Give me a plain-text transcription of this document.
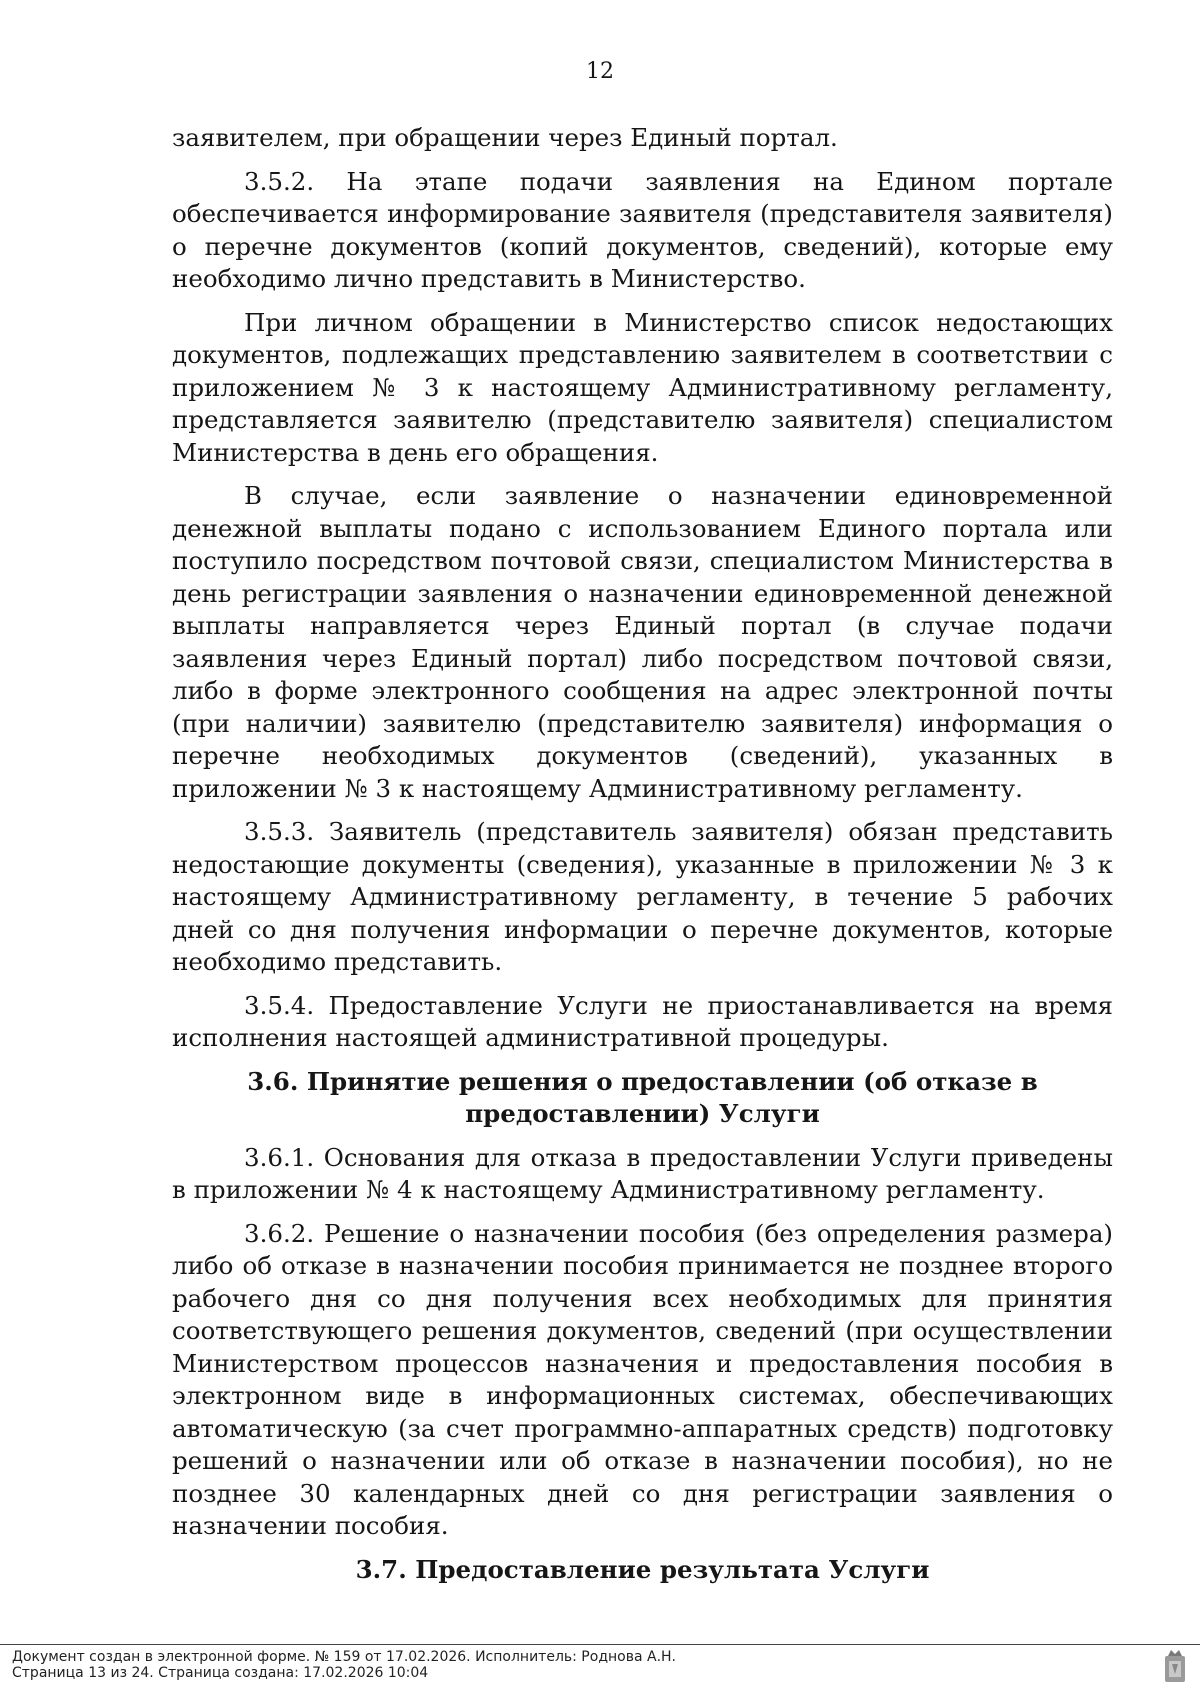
12

заявителем, при обращении через Единый портал.

3.5.2. На этапе подачи заявления на Едином портале обеспечивается информирование заявителя (представителя заявителя) о перечне документов (копий документов, сведений), которые ему необходимо лично представить в Министерство.

При личном обращении в Министерство список недостающих документов, подлежащих представлению заявителем в соответствии с приложением № 3 к настоящему Административному регламенту, представляется заявителю (представителю заявителя) специалистом Министерства в день его обращения.

В случае, если заявление о назначении единовременной денежной выплаты подано с использованием Единого портала или поступило посредством почтовой связи, специалистом Министерства в день регистрации заявления о назначении единовременной денежной выплаты направляется через Единый портал (в случае подачи заявления через Единый портал) либо посредством почтовой связи, либо в форме электронного сообщения на адрес электронной почты (при наличии) заявителю (представителю заявителя) информация о перечне необходимых документов (сведений), указанных в приложении № 3 к настоящему Административному регламенту.

3.5.3. Заявитель (представитель заявителя) обязан представить недостающие документы (сведения), указанные в приложении № 3 к настоящему Административному регламенту, в течение 5 рабочих дней со дня получения информации о перечне документов, которые необходимо представить.

3.5.4. Предоставление Услуги не приостанавливается на время исполнения настоящей административной процедуры.

3.6. Принятие решения о предоставлении (об отказе в предоставлении) Услуги

3.6.1. Основания для отказа в предоставлении Услуги приведены в приложении № 4 к настоящему Административному регламенту.

3.6.2. Решение о назначении пособия (без определения размера) либо об отказе в назначении пособия принимается не позднее второго рабочего дня со дня получения всех необходимых для принятия соответствующего решения документов, сведений (при осуществлении Министерством процессов назначения и предоставления пособия в электронном виде в информационных системах, обеспечивающих автоматическую (за счет программно-аппаратных средств) подготовку решений о назначении или об отказе в назначении пособия), но не позднее 30 календарных дней со дня регистрации заявления о назначении пособия.

3.7. Предоставление результата Услуги
Документ создан в электронной форме. № 159 от 17.02.2026. Исполнитель: Роднова А.Н.
Страница 13 из 24. Страница создана: 17.02.2026 10:04
